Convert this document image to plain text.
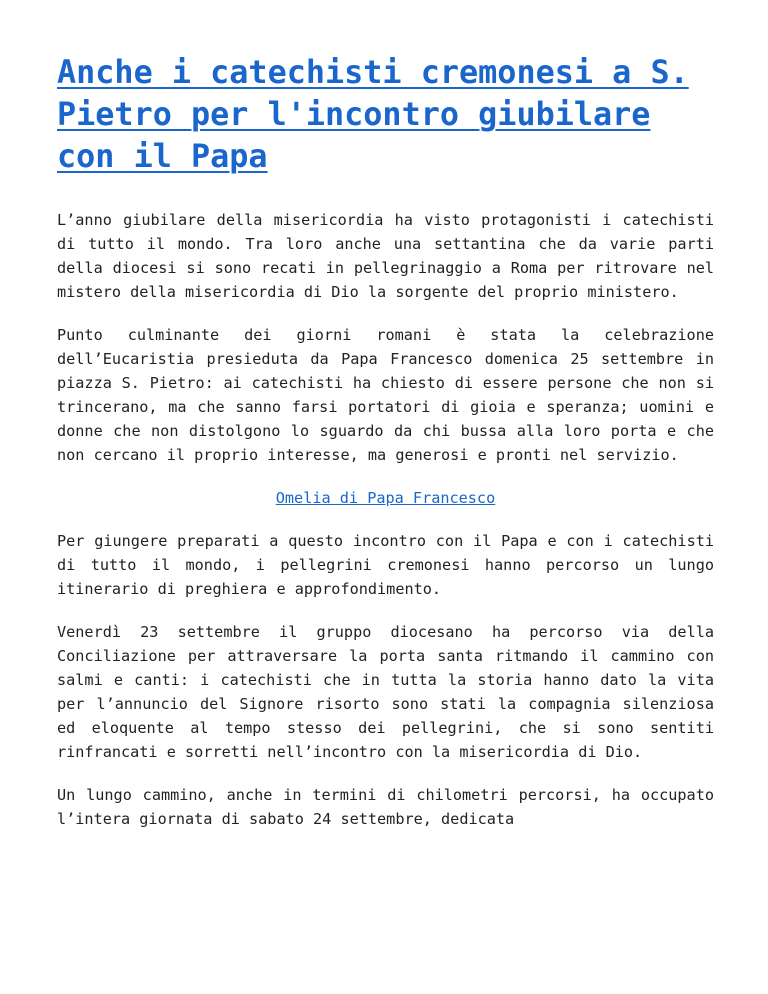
Anche i catechisti cremonesi a S. Pietro per l'incontro giubilare con il Papa

L’anno giubilare della misericordia ha visto protagonisti i catechisti di tutto il mondo. Tra loro anche una settantina che da varie parti della diocesi si sono recati in pellegrinaggio a Roma per ritrovare nel mistero della misericordia di Dio la sorgente del proprio ministero.

Punto culminante dei giorni romani è stata la celebrazione dell’Eucaristia presieduta da Papa Francesco domenica 25 settembre in piazza S. Pietro: ai catechisti ha chiesto di essere persone che non si trincerano, ma che sanno farsi portatori di gioia e speranza; uomini e donne che non distolgono lo sguardo da chi bussa alla loro porta e che non cercano il proprio interesse, ma generosi e pronti nel servizio.

Omelia di Papa Francesco

Per giungere preparati a questo incontro con il Papa e con i catechisti di tutto il mondo, i pellegrini cremonesi hanno percorso un lungo itinerario di preghiera e approfondimento.

Venerdì 23 settembre il gruppo diocesano ha percorso via della Conciliazione per attraversare la porta santa ritmando il cammino con salmi e canti: i catechisti che in tutta la storia hanno dato la vita per l’annuncio del Signore risorto sono stati la compagnia silenziosa ed eloquente al tempo stesso dei pellegrini, che si sono sentiti rinfrancati e sorretti nell’incontro con la misericordia di Dio.

Un lungo cammino, anche in termini di chilometri percorsi, ha occupato l’intera giornata di sabato 24 settembre, dedicata
